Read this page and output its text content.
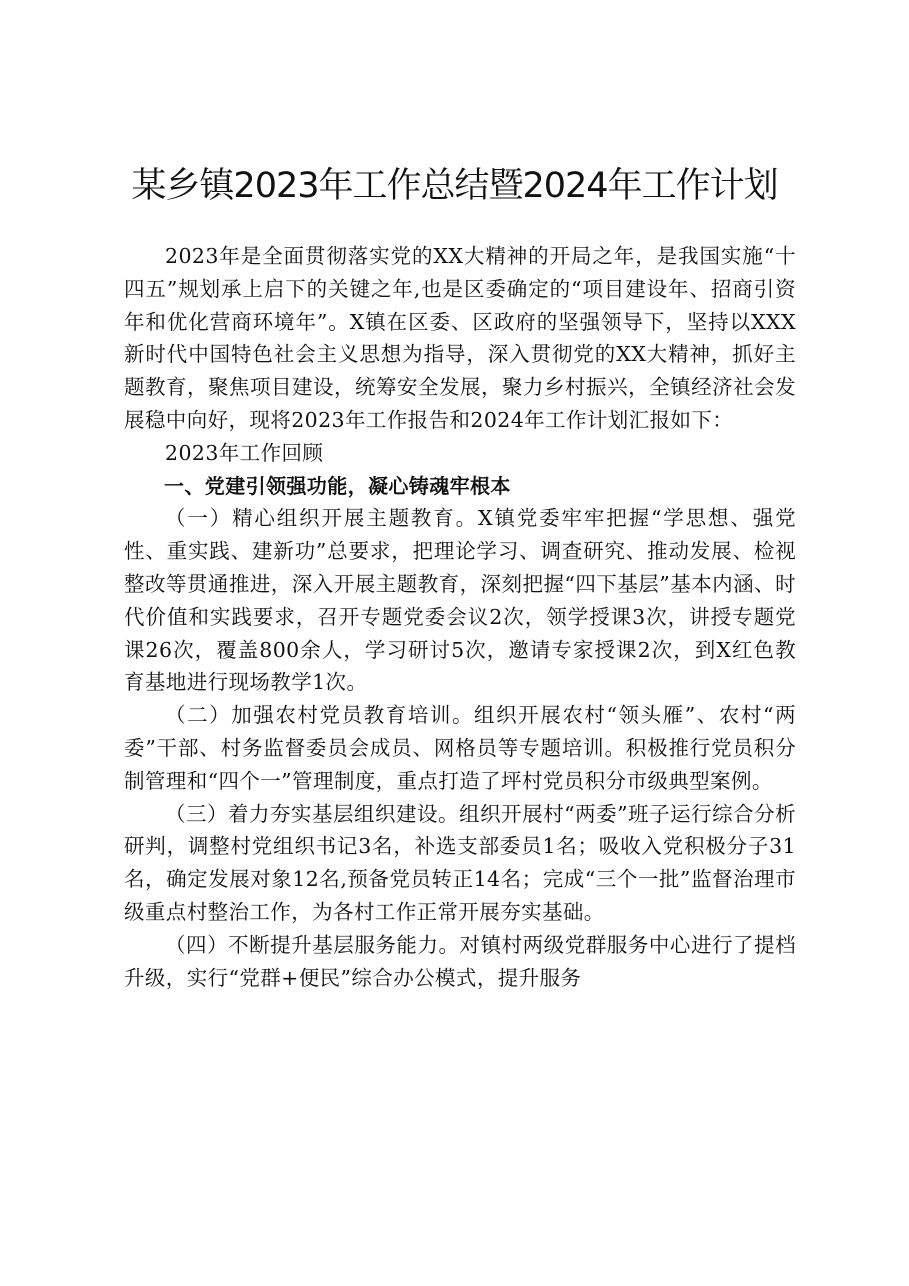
某乡镇2023年工作总结暨2024年工作计划

2023年是全面贯彻落实党的XX大精神的开局之年，是我国实施“十四五”规划承上启下的关键之年,也是区委确定的“项目建设年、招商引资年和优化营商环境年”。X镇在区委、区政府的坚强领导下，坚持以XXX新时代中国特色社会主义思想为指导，深入贯彻党的XX大精神，抓好主题教育，聚焦项目建设，统筹安全发展，聚力乡村振兴，全镇经济社会发展稳中向好，现将2023年工作报告和2024年工作计划汇报如下：

2023年工作回顾

一、党建引领强功能，凝心铸魂牢根本

（一）精心组织开展主题教育。X镇党委牢牢把握“学思想、强党性、重实践、建新功”总要求，把理论学习、调查研究、推动发展、检视整改等贯通推进，深入开展主题教育，深刻把握“四下基层”基本内涵、时代价值和实践要求，召开专题党委会议2次，领学授课3次，讲授专题党课26次，覆盖800余人，学习研讨5次，邀请专家授课2次，到X红色教育基地进行现场教学1次。

（二）加强农村党员教育培训。组织开展农村“领头雁”、农村“两委”干部、村务监督委员会成员、网格员等专题培训。积极推行党员积分制管理和“四个一”管理制度，重点打造了坪村党员积分市级典型案例。

（三）着力夯实基层组织建设。组织开展村“两委”班子运行综合分析研判，调整村党组织书记3名，补选支部委员1名；吸收入党积极分子31名，确定发展对象12名,预备党员转正14名；完成“三个一批”监督治理市级重点村整治工作，为各村工作正常开展夯实基础。

（四）不断提升基层服务能力。对镇村两级党群服务中心进行了提档升级，实行“党群+便民”综合办公模式，提升服务
